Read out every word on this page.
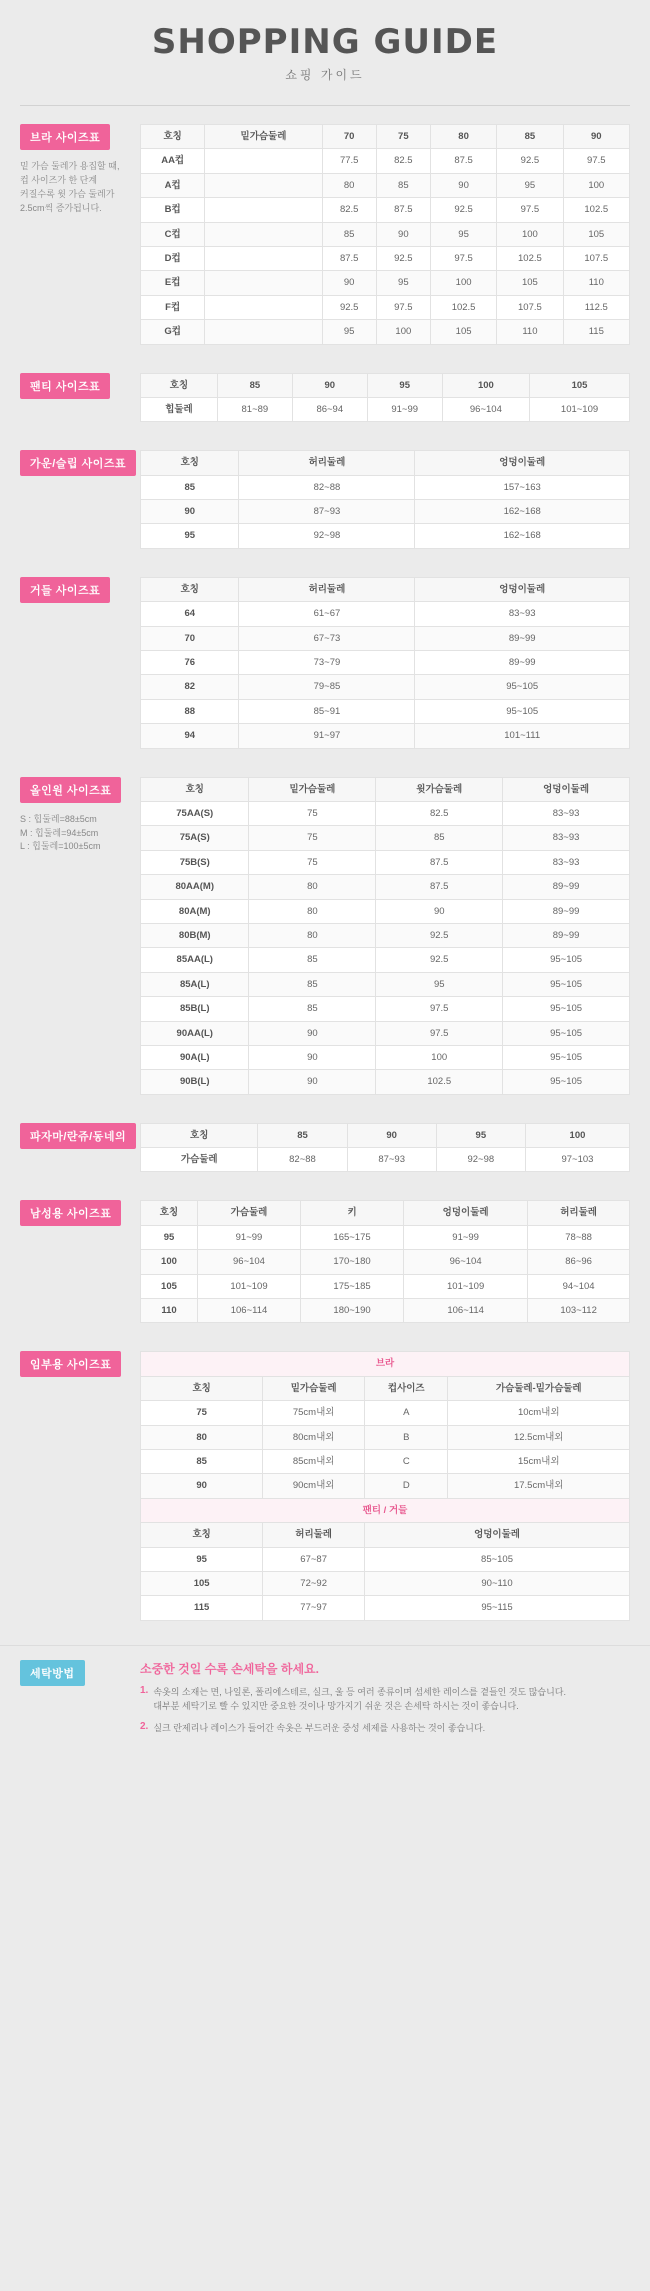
SHOPPING GUIDE
쇼핑 가이드
브라 사이즈표
밑 가슴 둘레가 용집할 때,
컵 사이즈가 한 단계
커질수록 윗 가슴 둘레가
2.5cm씩 증가됩니다.
호칭	밑가슴둘레	70	75	80	85	90
AA컵		77.5	82.5	87.5	92.5	97.5
A컵		80	85	90	95	100
B컵		82.5	87.5	92.5	97.5	102.5
C컵		85	90	95	100	105
D컵		87.5	92.5	97.5	102.5	107.5
E컵		90	95	100	105	110
F컵		92.5	97.5	102.5	107.5	112.5
G컵		95	100	105	110	115
팬티 사이즈표	호칭	85	90	95	100	105
힙둘레	81~89	86~94	91~99	96~104	101~109
가운/슬립 사이즈표	호칭	허리둘레	엉덩이둘레
85	82~88	157~163
90	87~93	162~168
95	92~98	162~168
거들 사이즈표	호칭	허리둘레	엉덩이둘레
64	61~67	83~93
70	67~73	89~99
76	73~79	89~99
82	79~85	95~105
88	85~91	95~105
94	91~97	101~111
올인원 사이즈표
S : 힙둘레=88±5cm
M : 힙둘레=94±5cm
L : 힙둘레=100±5cm
호칭	밑가슴둘레	윗가슴둘레	엉덩이둘레
75AA(S)	75	82.5	83~93
75A(S)	75	85	83~93
75B(S)	75	87.5	83~93
80AA(M)	80	87.5	89~99
80A(M)	80	90	89~99
80B(M)	80	92.5	89~99
85AA(L)	85	92.5	95~105
85A(L)	85	95	95~105
85B(L)	85	97.5	95~105
90AA(L)	90	97.5	95~105
90A(L)	90	100	95~105
90B(L)	90	102.5	95~105
파자마/란쥬/동네의	호칭	85	90	95	100
가슴둘레	82~88	87~93	92~98	97~103
남성용 사이즈표	호칭	가슴둘레	키	엉덩이둘레	허리둘레
95	91~99	165~175	91~99	78~88
100	96~104	170~180	96~104	86~96
105	101~109	175~185	101~109	94~104
110	106~114	180~190	106~114	103~112
임부용 사이즈표	브라			
호칭	밑가슴둘레	컵사이즈	가슴둘레-밑가슴둘레
75	75cm내외	A	10cm내외
80	80cm내외	B	12.5cm내외
85	85cm내외	C	15cm내외
90	90cm내외	D	17.5cm내외
팬티 / 거들			
호칭	허리둘레	엉덩이둘레	
95	67~87	85~105	
105	72~92	90~110	
115	77~97	95~115	
세탁방법	소중한 것일 수록 손세탁을 하세요.
1. 속옷의 소재는 면, 나일론, 폴리에스테르, 실크, 울 등 여러 종류이며 섬세한 레이스를 곁들인 것도 많습니다.
대부분 세탁기로 빨 수 있지만 중요한 것이나 망가지기 쉬운 것은 손세탁 하시는 것이 좋습니다.
2. 실크 란제리나 레이스가 들어간 속옷은 부드러운 중성 세제를 사용하는 것이 좋습니다.
